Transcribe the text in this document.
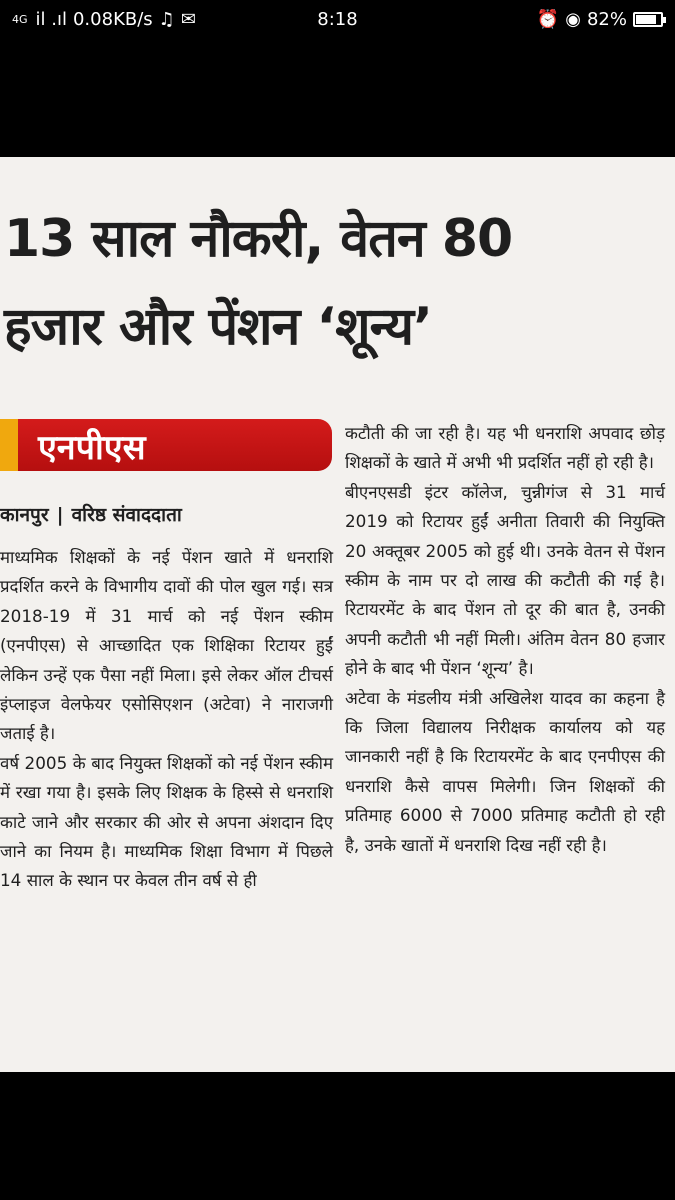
4G il .ıl 0.08KB/s ♫ ✉	8:18	⏰ ◉ 82%
13 साल नौकरी, वेतन 80
हजार और पेंशन ‘शून्य’
एनपीएस
कानपुर | वरिष्ठ संवाददाता
माध्यमिक शिक्षकों के नई पेंशन खाते में धनराशि प्रदर्शित करने के विभागीय दावों की पोल खुल गई। सत्र 2018-19 में 31 मार्च को नई पेंशन स्कीम (एनपीएस) से आच्छादित एक शिक्षिका रिटायर हुईं लेकिन उन्हें एक पैसा नहीं मिला। इसे लेकर ऑल टीचर्स इंप्लाइज वेलफेयर एसोसिएशन (अटेवा) ने नाराजगी जताई है।
वर्ष 2005 के बाद नियुक्त शिक्षकों को नई पेंशन स्कीम में रखा गया है। इसके लिए शिक्षक के हिस्से से धनराशि काटे जाने और सरकार की ओर से अपना अंशदान दिए जाने का नियम है। माध्यमिक शिक्षा विभाग में पिछले 14 साल के स्थान पर केवल तीन वर्ष से ही
कटौती की जा रही है। यह भी धनराशि अपवाद छोड़ शिक्षकों के खाते में अभी भी प्रदर्शित नहीं हो रही है।
बीएनएसडी इंटर कॉलेज, चुन्नीगंज से 31 मार्च 2019 को रिटायर हुईं अनीता तिवारी की नियुक्ति 20 अक्तूबर 2005 को हुई थी। उनके वेतन से पेंशन स्कीम के नाम पर दो लाख की कटौती की गई है। रिटायरमेंट के बाद पेंशन तो दूर की बात है, उनकी अपनी कटौती भी नहीं मिली। अंतिम वेतन 80 हजार होने के बाद भी पेंशन ‘शून्य’ है।
अटेवा के मंडलीय मंत्री अखिलेश यादव का कहना है कि जिला विद्यालय निरीक्षक कार्यालय को यह जानकारी नहीं है कि रिटायरमेंट के बाद एनपीएस की धनराशि कैसे वापस मिलेगी। जिन शिक्षकों की प्रतिमाह 6000 से 7000 प्रतिमाह कटौती हो रही है, उनके खातों में धनराशि दिख नहीं रही है।
